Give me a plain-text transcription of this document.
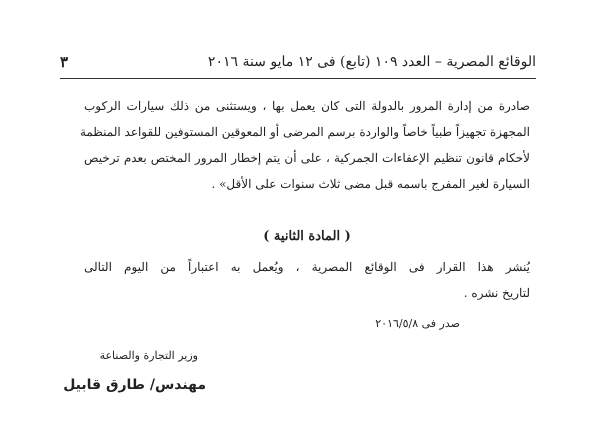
الوقائع المصرية – العدد ١٠٩ (تابع) فى ١٢ مايو سنة ٢٠١٦
٣
صادرة من إدارة المرور بالدولة التى كان يعمل بها ، ويستثنى من ذلك سيارات الركوب
المجهزة تجهيزاً طبياً خاصاً والواردة برسم المرضى أو المعوقين المستوفين للقواعد المنظمة
لأحكام قانون تنظيم الإعفاءات الجمركية ، على أن يتم إخطار المرور المختص بعدم ترخيص
السيارة لغير المفرج باسمه قبل مضى ثلاث سنوات على الأقل» .
( المادة الثانية )
يُنشر هذا القرار فى الوقائع المصرية ، ويُعمل به اعتباراً من اليوم التالى
لتاريخ نشره .
صدر فى ٢٠١٦/٥/٨
وزير التجارة والصناعة
مهندس/ طارق قابيل
